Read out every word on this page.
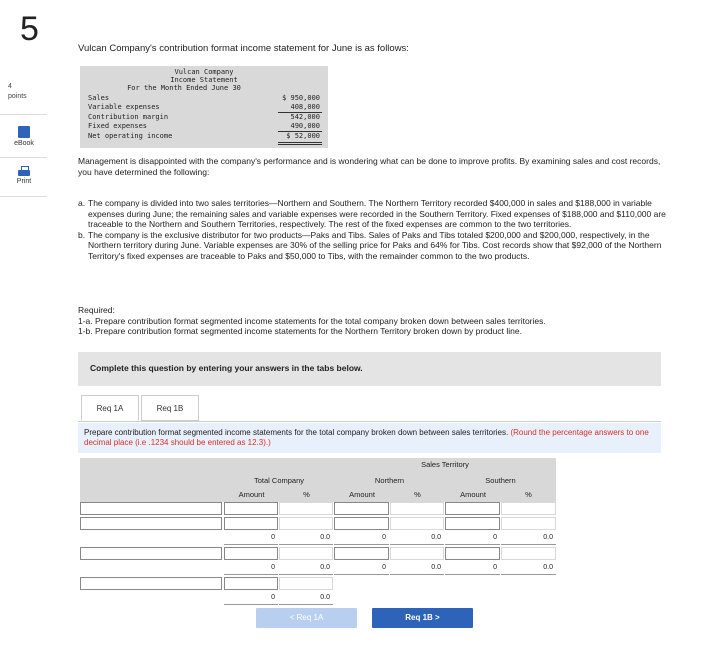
5
4
points
eBook
Print
Vulcan Company's contribution format income statement for June is as follows:
Vulcan Company
Income Statement
For the Month Ended June 30
Sales	$ 950,000
Variable expenses	408,000
Contribution margin	542,000
Fixed expenses	490,000
Net operating income	$ 52,000
Management is disappointed with the company's performance and is wondering what can be done to improve profits. By examining sales and cost records, you have determined the following:
a. The company is divided into two sales territories—Northern and Southern. The Northern Territory recorded $400,000 in sales and $188,000 in variable expenses during June; the remaining sales and variable expenses were recorded in the Southern Territory. Fixed expenses of $188,000 and $110,000 are traceable to the Northern and Southern Territories, respectively. The rest of the fixed expenses are common to the two territories.
b. The company is the exclusive distributor for two products—Paks and Tibs. Sales of Paks and Tibs totaled $200,000 and $200,000, respectively, in the Northern territory during June. Variable expenses are 30% of the selling price for Paks and 64% for Tibs. Cost records show that $92,000 of the Northern Territory's fixed expenses are traceable to Paks and $50,000 to Tibs, with the remainder common to the two products.
Required:
1-a. Prepare contribution format segmented income statements for the total company broken down between sales territories.
1-b. Prepare contribution format segmented income statements for the Northern Territory broken down by product line.
Complete this question by entering your answers in the tabs below.
Req 1A	Req 1B
Prepare contribution format segmented income statements for the total company broken down between sales territories. (Round the percentage answers to one decimal place (i.e .1234 should be entered as 12.3).)
Sales Territory
Total Company	Northern	Southern
Amount	%	Amount	%	Amount	%
0	0.0	0	0.0	0	0.0
0	0.0	0	0.0	0	0.0
0	0.0
< Req 1A	Req 1B >
